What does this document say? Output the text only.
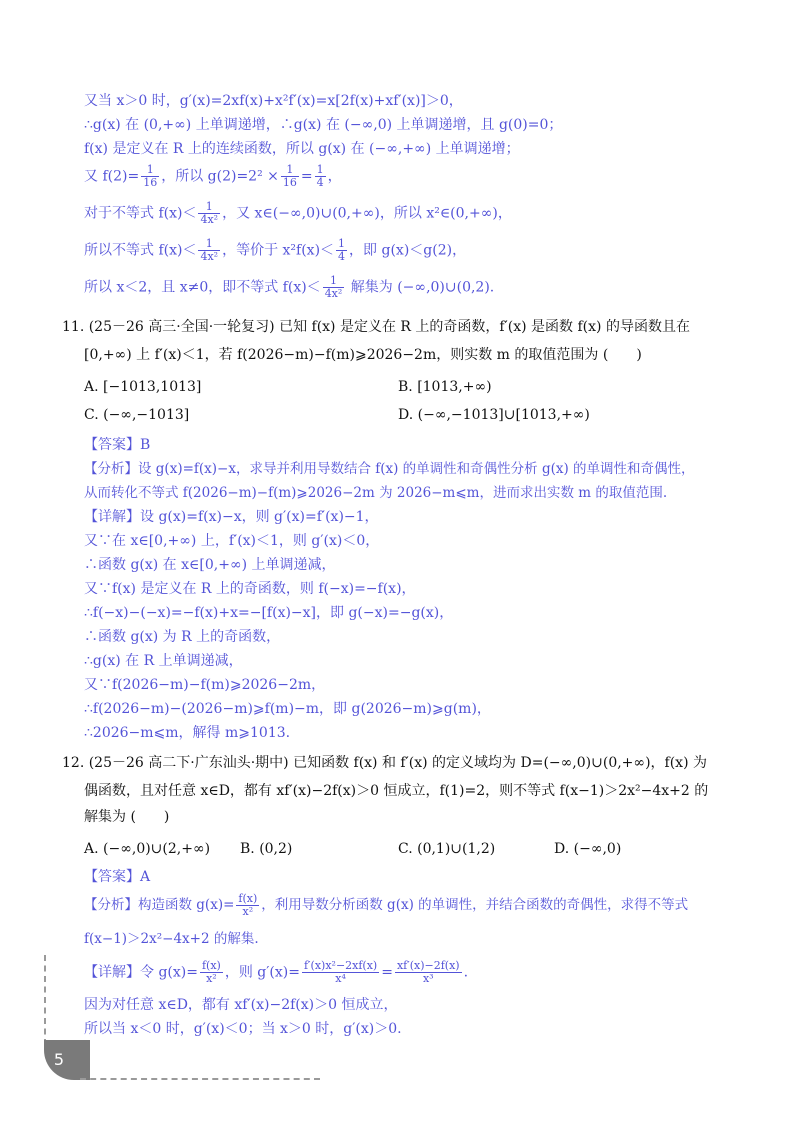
又当 x＞0 时，g′(x)=2xf(x)+x²f′(x)=x[2f(x)+xf′(x)]＞0，
∴g(x) 在 (0,+∞) 上单调递增，∴g(x) 在 (−∞,0) 上单调递增，且 g(0)=0；
f(x) 是定义在 R 上的连续函数，所以 g(x) 在 (−∞,+∞) 上单调递增；
又 $f(2)= \frac{1}{16}$ ，所以 $g(2)=2^2 \times \frac{1}{16} = \frac{1}{4}$ ，
对于不等式 $f(x)< \frac{1}{\text{4x²}}$ ，又 x∈(−∞,0)∪(0,+∞)，所以 x²∈(0,+∞)，
所以不等式 $f(x)< \frac{1}{\text{4x²}}$ ，等价于 $x^2f(x)< \frac{1}{4}$ ，即 g(x)＜g(2)，
所以 x＜2，且 x≠0，即不等式 $f(x)< \frac{1}{\text{4x²}}$ 解集为 (−∞,0)∪(0,2).
11. (25－26 高三·全国·一轮复习) 已知 f(x) 是定义在 R 上的奇函数，f′(x) 是函数 f(x) 的导函数且在
[0,+∞) 上 f′(x)＜1，若 f(2026−m)−f(m)⩾2026−2m，则实数 m 的取值范围为 (　　)
A. [−1013,1013]	B. [1013,+∞)
C. (−∞,−1013]	D. (−∞,−1013]∪[1013,+∞)
【答案】B
【分析】设 g(x)=f(x)−x，求导并利用导数结合 f(x) 的单调性和奇偶性分析 g(x) 的单调性和奇偶性，
从而转化不等式 f(2026−m)−f(m)⩾2026−2m 为 2026−m⩽m，进而求出实数 m 的取值范围.
【详解】设 g(x)=f(x)−x，则 g′(x)=f′(x)−1，
又∵在 x∈[0,+∞) 上，f′(x)＜1，则 g′(x)＜0，
∴函数 g(x) 在 x∈[0,+∞) 上单调递减，
又∵f(x) 是定义在 R 上的奇函数，则 f(−x)=−f(x)，
∴f(−x)−(−x)=−f(x)+x=−[f(x)−x]，即 g(−x)=−g(x)，
∴函数 g(x) 为 R 上的奇函数，
∴g(x) 在 R 上单调递减，
又∵f(2026−m)−f(m)⩾2026−2m，
∴f(2026−m)−(2026−m)⩾f(m)−m，即 g(2026−m)⩾g(m)，
∴2026−m⩽m，解得 m⩾1013.
12. (25－26 高二下·广东汕头·期中) 已知函数 f(x) 和 f′(x) 的定义域均为 D=(−∞,0)∪(0,+∞)，f(x) 为
偶函数，且对任意 x∈D，都有 xf′(x)−2f(x)＞0 恒成立，f(1)=2，则不等式 f(x−1)＞2x²−4x+2 的
解集为 (　　)
A. (−∞,0)∪(2,+∞) B. (0,2)	C. (0,1)∪(1,2)	D. (−∞,0)
【答案】A
【分析】构造函数 $g(x)= \frac{f(x)}{\text{x²}}$ ，利用导数分析函数 g(x) 的单调性，并结合函数的奇偶性，求得不等式
f(x−1)＞2x²−4x+2 的解集.
【详解】令 $g(x)= \frac{f(x)}{\text{x²}}$ ，则 $g'(x)= \frac{\text{f′(x)x²−2xf(x)}}{\text{x⁴}} = \frac{xf'(x)-2f(x)}{\text{x³}}$ .
因为对任意 x∈D，都有 xf′(x)−2f(x)＞0 恒成立，
所以当 x＜0 时，g′(x)＜0；当 x＞0 时，g′(x)＞0.
5
